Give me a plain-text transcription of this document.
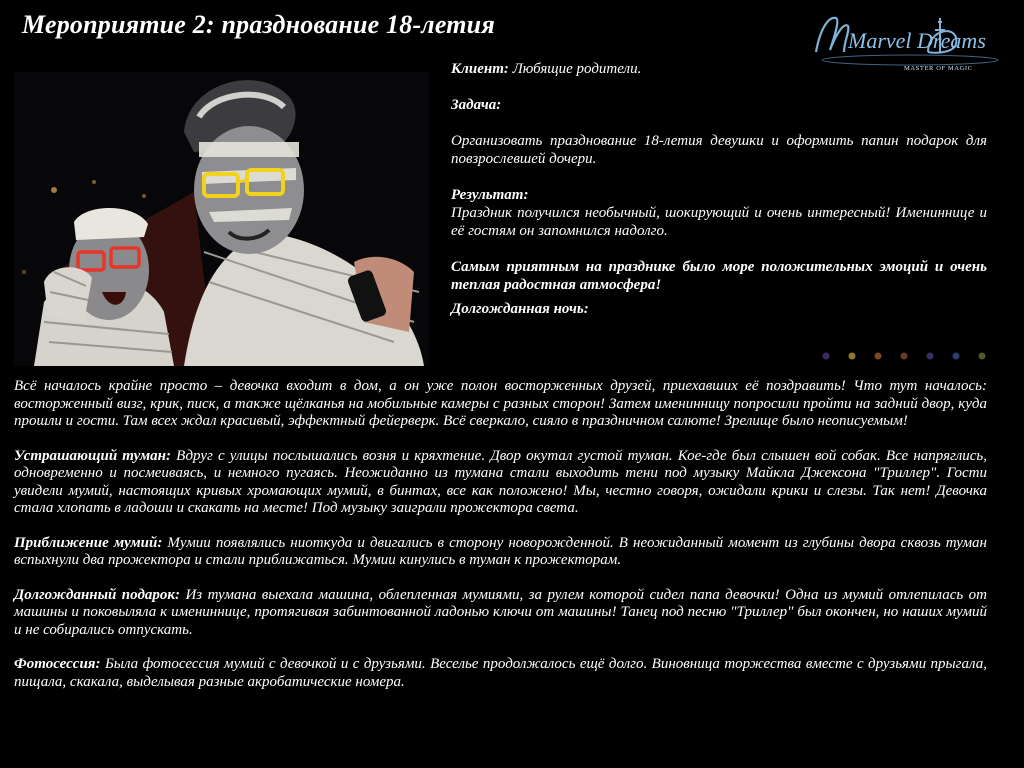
Мероприятие 2: празднование 18-летия
Marvel Dreams
MASTER OF MAGIC

Клиент: Любящие родители.

Задача:

Организовать празднование 18-летия девушки и оформить папин подарок для повзрослевшей дочери.

Результат:

Праздник получился необычный, шокирующий и очень интересный! Имениннице и её гостям он запомнился надолго.

Самым приятным на празднике было море положительных эмоций и очень теплая радостная атмосфера!

Долгожданная ночь:

Всё началось крайне просто – девочка входит в дом, а он уже полон восторженных друзей, приехавших её поздравить! Что тут началось: восторженный визг, крик, писк, а также щёлканья на мобильные камеры с разных сторон! Затем именинницу попросили пройти на задний двор, куда прошли и гости. Там всех ждал красивый, эффектный фейерверк. Всё сверкало, сияло в праздничном салюте! Зрелище было неописуемым!

Устрашающий туман: Вдруг с улицы послышались возня и кряхтение. Двор окутал густой туман. Кое-где был слышен вой собак. Все напряглись, одновременно и посмеиваясь, и немного пугаясь. Неожиданно из тумана стали выходить тени под музыку Майкла Джексона "Триллер". Гости увидели мумий, настоящих кривых хромающих мумий, в бинтах, все как положено! Мы, честно говоря, ожидали крики и слезы. Так нет! Девочка стала хлопать в ладоши и скакать на месте! Под музыку заиграли прожектора света.

Приближение мумий: Мумии появлялись ниоткуда и двигались в сторону новорожденной. В неожиданный момент из глубины двора сквозь туман вспыхнули два прожектора и стали приближаться. Мумии кинулись в туман к прожекторам.

Долгожданный подарок: Из тумана выехала машина, облепленная мумиями, за рулем которой сидел папа девочки! Одна из мумий отлепилась от машины и поковыляла к имениннице, протягивая забинтованной ладонью ключи от машины! Танец под песню "Триллер" был окончен, но наших мумий и не собирались отпускать.

Фотосессия: Была фотосессия мумий с девочкой и с друзьями. Веселье продолжалось ещё долго. Виновница торжества вместе с друзьями прыгала, пищала, скакала, выделывая разные акробатические номера.
